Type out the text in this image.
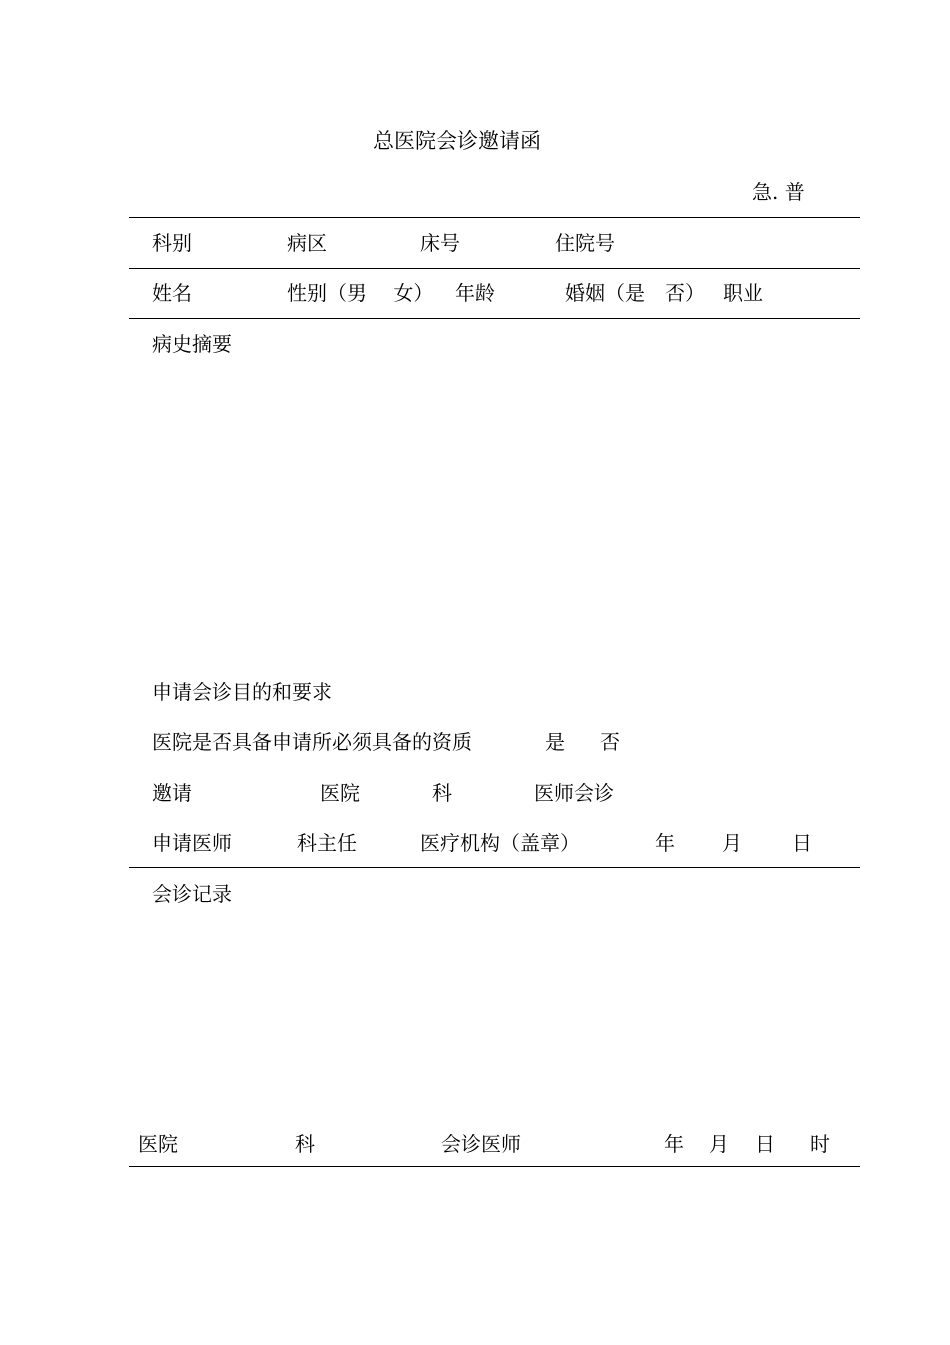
总医院会诊邀请函
急. 普
科别	病区	床号	住院号
姓名	性别（男　 女） 年龄	婚姻（是　否） 职业
病史摘要
申请会诊目的和要求
医院是否具备申请所必须具备的资质	是 否
邀请	医院	科	医师会诊
申请医师	科主任	医疗机构（盖章）	年 月	日
会诊记录
医院	科	会诊医师	年 月 日 时
